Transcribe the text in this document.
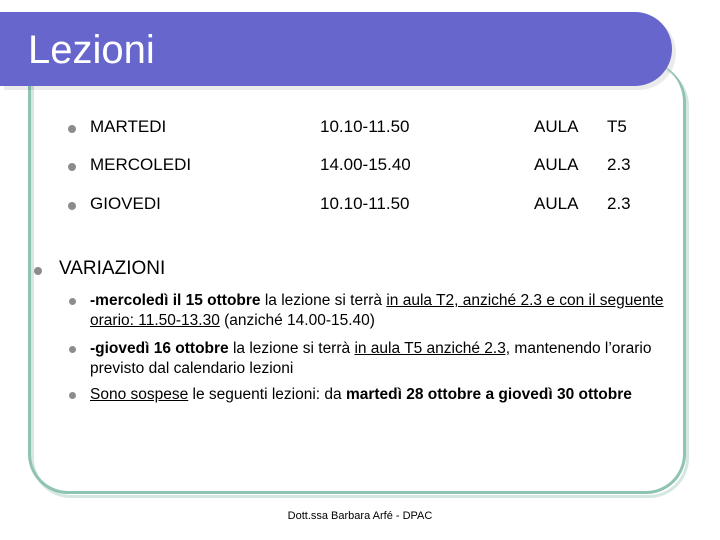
Lezioni
MARTEDI	10.10-11.50	AULA T5
MERCOLEDI	14.00-15.40	AULA 2.3
GIOVEDI	10.10-11.50	AULA 2.3
VARIAZIONI
-mercoledì il 15 ottobre la lezione si terrà in aula T2, anziché 2.3 e con il seguente orario: 11.50-13.30 (anziché 14.00-15.40)
-giovedì 16 ottobre la lezione si terrà in aula T5 anziché 2.3, mantenendo l’orario previsto dal calendario lezioni
Sono sospese le seguenti lezioni: da martedì 28 ottobre a giovedì 30 ottobre
Dott.ssa Barbara Arfé - DPAC
